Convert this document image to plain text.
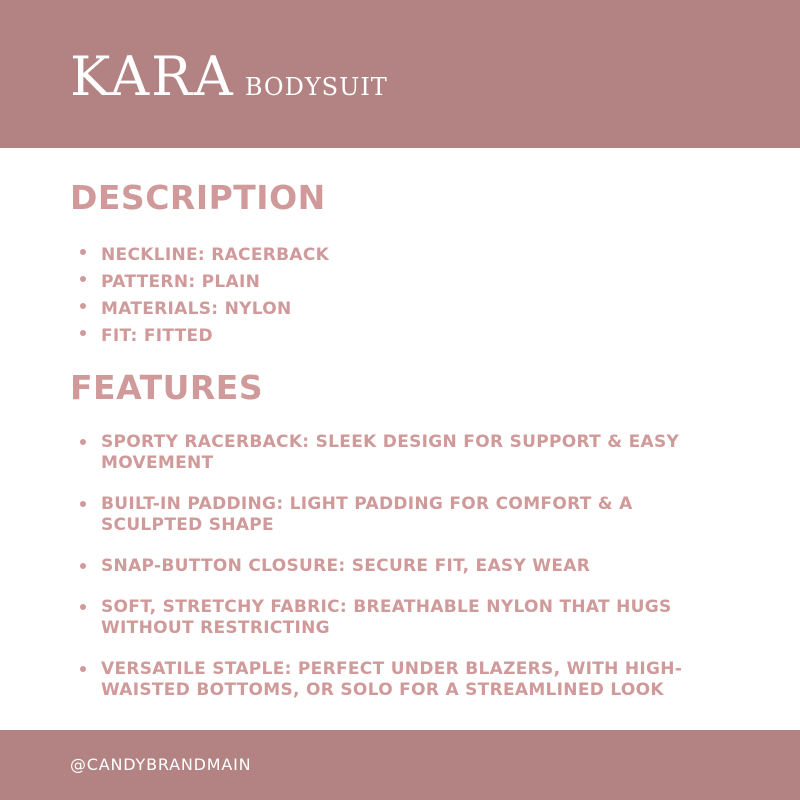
KARA BODYSUIT
DESCRIPTION
NECKLINE: RACERBACK
PATTERN: PLAIN
MATERIALS: NYLON
FIT: FITTED
FEATURES
SPORTY RACERBACK: SLEEK DESIGN FOR SUPPORT & EASY MOVEMENT
BUILT-IN PADDING: LIGHT PADDING FOR COMFORT & A SCULPTED SHAPE
SNAP-BUTTON CLOSURE: SECURE FIT, EASY WEAR
SOFT, STRETCHY FABRIC: BREATHABLE NYLON THAT HUGS WITHOUT RESTRICTING
VERSATILE STAPLE: PERFECT UNDER BLAZERS, WITH HIGH-WAISTED BOTTOMS, OR SOLO FOR A STREAMLINED LOOK
@CANDYBRANDMAIN
